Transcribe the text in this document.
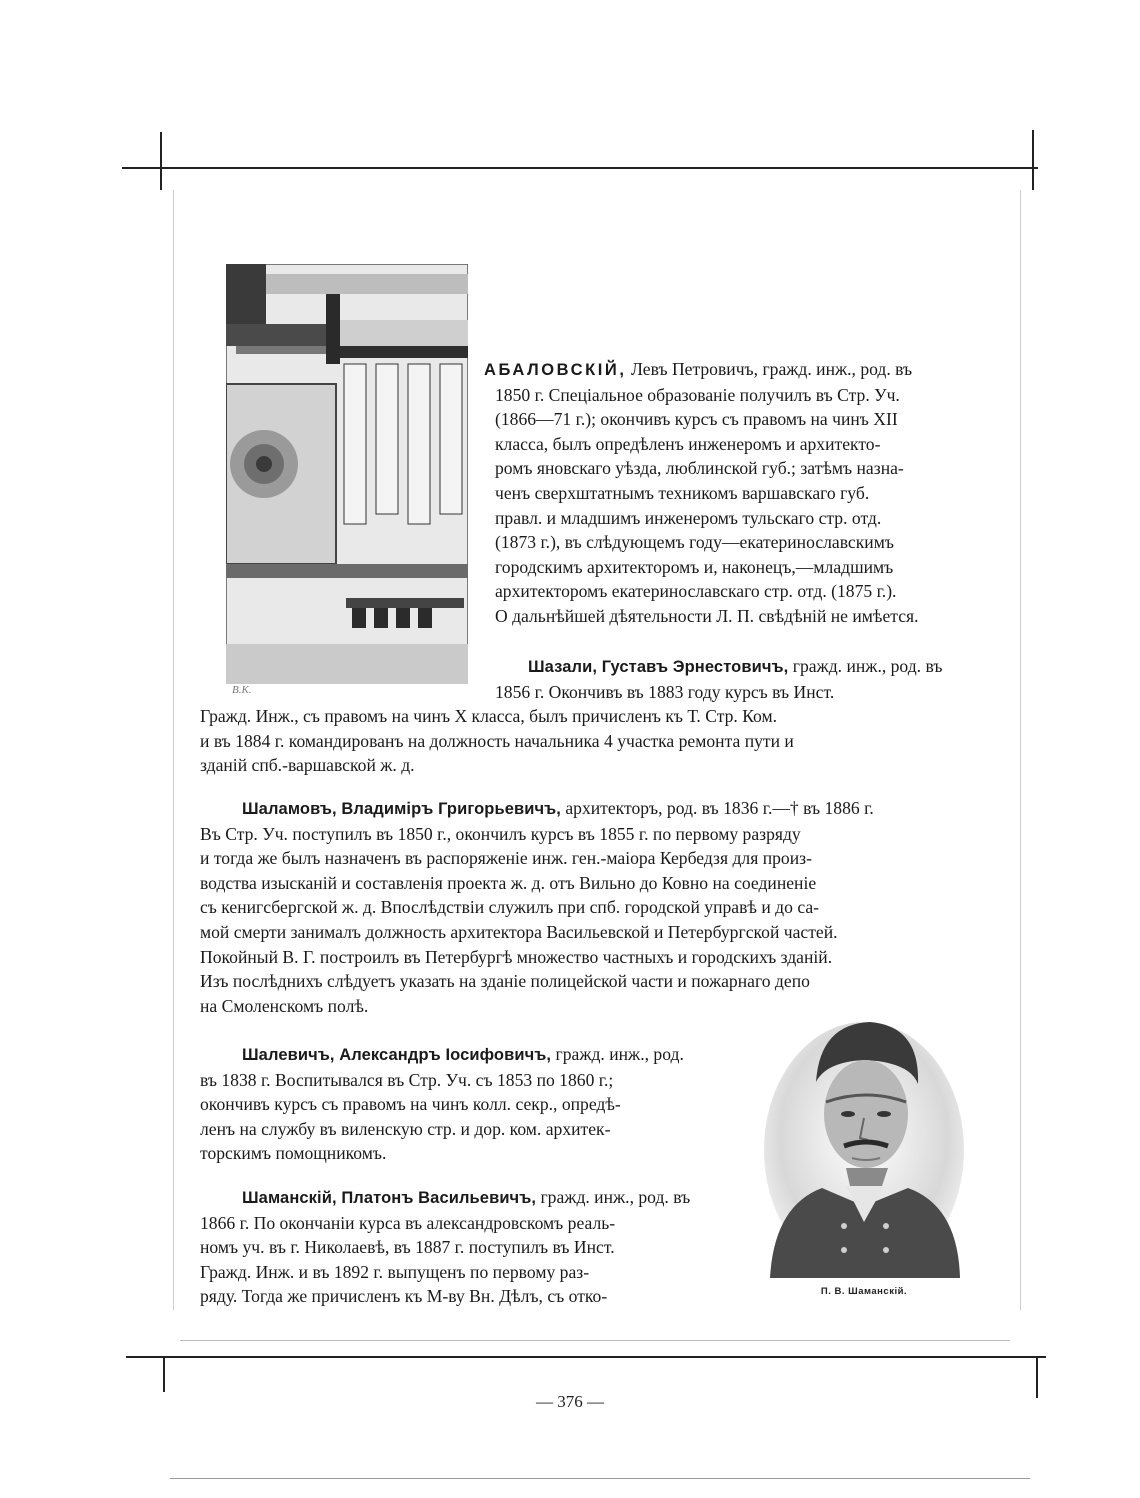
В.К.

АБАЛОВСКІЙ, Левъ Петровичъ, гражд. инж., род. въ

1850 г. Спеціальное образованіе получилъ въ Стр. Уч.

(1866—71 г.); окончивъ курсъ съ правомъ на чинъ XII

класса, былъ опредѣленъ инженеромъ и архитекто-

ромъ яновскаго уѣзда, люблинской губ.; затѣмъ назна-

ченъ сверхштатнымъ техникомъ варшавскаго губ.

правл. и младшимъ инженеромъ тульскаго стр. отд.

(1873 г.), въ слѣдующемъ году—екатеринославскимъ

городскимъ архитекторомъ и, наконецъ,—младшимъ

архитекторомъ екатеринославскаго стр. отд. (1875 г.).

О дальнѣйшей дѣятельности Л. П. свѣдѣній не имѣется.

Шазали, Густавъ Эрнестовичъ, гражд. инж., род. въ

1856 г. Окончивъ въ 1883 году курсъ въ Инст.

Гражд. Инж., съ правомъ на чинъ X класса, былъ причисленъ къ Т. Стр. Ком.

и въ 1884 г. командированъ на должность начальника 4 участка ремонта пути и

зданій спб.-варшавской ж. д.

Шаламовъ, Владиміръ Григорьевичъ, архитекторъ, род. въ 1836 г.—† въ 1886 г.

Въ Стр. Уч. поступилъ въ 1850 г., окончилъ курсъ въ 1855 г. по первому разряду

и тогда же былъ назначенъ въ распоряженіе инж. ген.-маіора Кербедзя для произ-

водства изысканій и составленія проекта ж. д. отъ Вильно до Ковно на соединеніе

съ кенигсбергской ж. д. Впослѣдствіи служилъ при спб. городской управѣ и до са-

мой смерти занималъ должность архитектора Васильевской и Петербургской частей.

Покойный В. Г. построилъ въ Петербургѣ множество частныхъ и городскихъ зданій.

Изъ послѣднихъ слѣдуетъ указать на зданіе полицейской части и пожарнаго депо

на Смоленскомъ полѣ.

Шалевичъ, Александръ Іосифовичъ, гражд. инж., род.

въ 1838 г. Воспитывался въ Стр. Уч. съ 1853 по 1860 г.;

окончивъ курсъ съ правомъ на чинъ колл. секр., опредѣ-

ленъ на службу въ виленскую стр. и дор. ком. архитек-

торскимъ помощникомъ.

Шаманскій, Платонъ Васильевичъ, гражд. инж., род. въ

1866 г. По окончаніи курса въ александровскомъ реаль-

номъ уч. въ г. Николаевѣ, въ 1887 г. поступилъ въ Инст.

Гражд. Инж. и въ 1892 г. выпущенъ по первому раз-

ряду. Тогда же причисленъ къ М-ву Вн. Дѣлъ, съ отко-	П. В. Шаманскій.
— 376 —
